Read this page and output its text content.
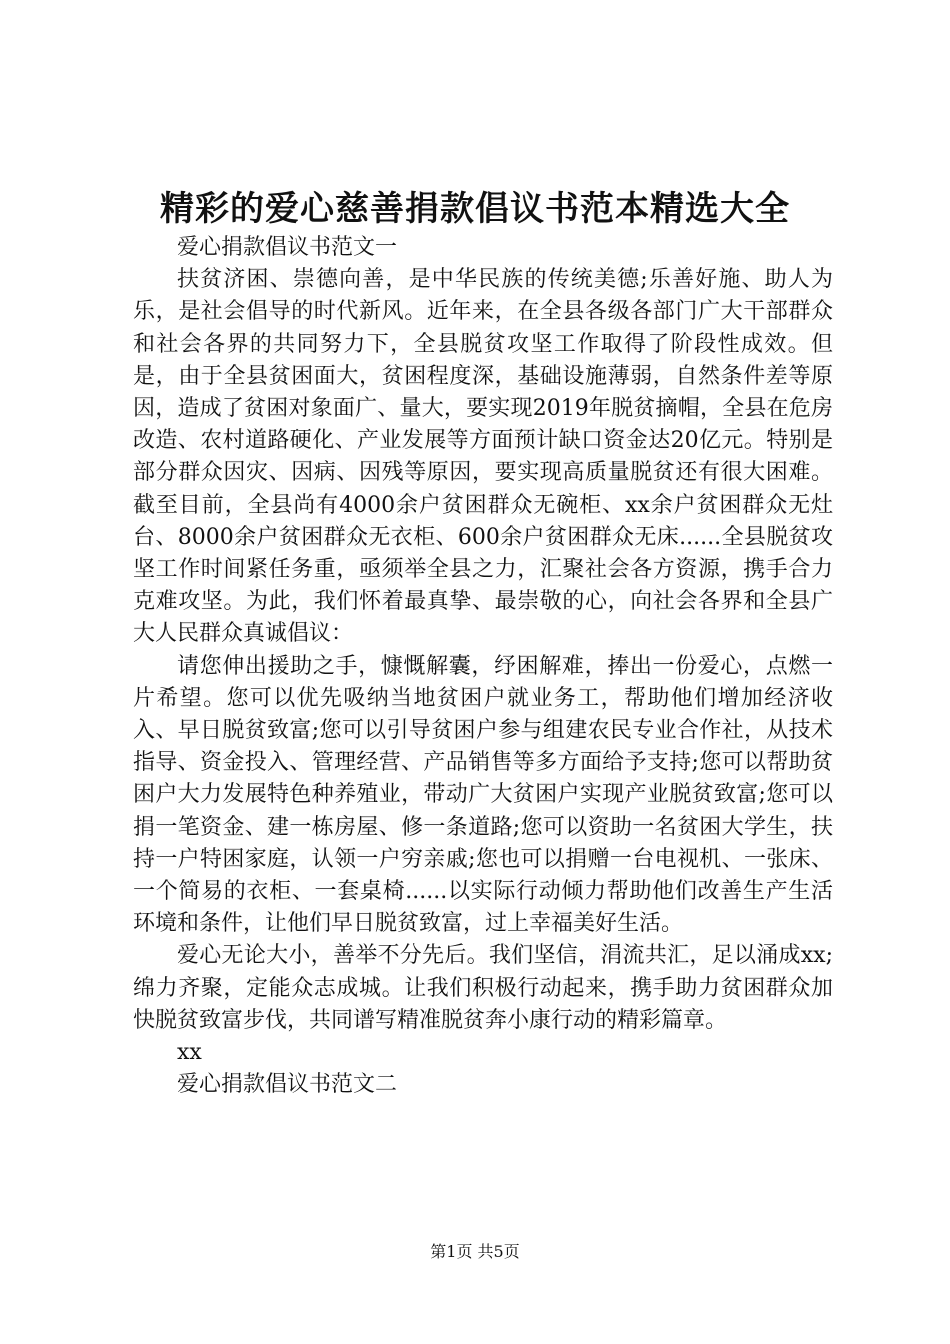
精彩的爱心慈善捐款倡议书范本精选大全

爱心捐款倡议书范文一

扶贫济困、崇德向善，是中华民族的传统美德;乐善好施、助人为乐，是社会倡导的时代新风。近年来，在全县各级各部门广大干部群众和社会各界的共同努力下，全县脱贫攻坚工作取得了阶段性成效。但是，由于全县贫困面大，贫困程度深，基础设施薄弱，自然条件差等原因，造成了贫困对象面广、量大，要实现2019年脱贫摘帽，全县在危房改造、农村道路硬化、产业发展等方面预计缺口资金达20亿元。特别是部分群众因灾、因病、因残等原因，要实现高质量脱贫还有很大困难。截至目前，全县尚有4000余户贫困群众无碗柜、xx余户贫困群众无灶台、8000余户贫困群众无衣柜、600余户贫困群众无床......全县脱贫攻坚工作时间紧任务重，亟须举全县之力，汇聚社会各方资源，携手合力克难攻坚。为此，我们怀着最真挚、最崇敬的心，向社会各界和全县广大人民群众真诚倡议：

请您伸出援助之手，慷慨解囊，纾困解难，捧出一份爱心，点燃一片希望。您可以优先吸纳当地贫困户就业务工，帮助他们增加经济收入、早日脱贫致富;您可以引导贫困户参与组建农民专业合作社，从技术指导、资金投入、管理经营、产品销售等多方面给予支持;您可以帮助贫困户大力发展特色种养殖业，带动广大贫困户实现产业脱贫致富;您可以捐一笔资金、建一栋房屋、修一条道路;您可以资助一名贫困大学生，扶持一户特困家庭，认领一户穷亲戚;您也可以捐赠一台电视机、一张床、一个简易的衣柜、一套桌椅......以实际行动倾力帮助他们改善生产生活环境和条件，让他们早日脱贫致富，过上幸福美好生活。

爱心无论大小，善举不分先后。我们坚信，涓流共汇，足以涌成xx;绵力齐聚，定能众志成城。让我们积极行动起来，携手助力贫困群众加快脱贫致富步伐，共同谱写精准脱贫奔小康行动的精彩篇章。

xx

爱心捐款倡议书范文二

第1页 共5页
